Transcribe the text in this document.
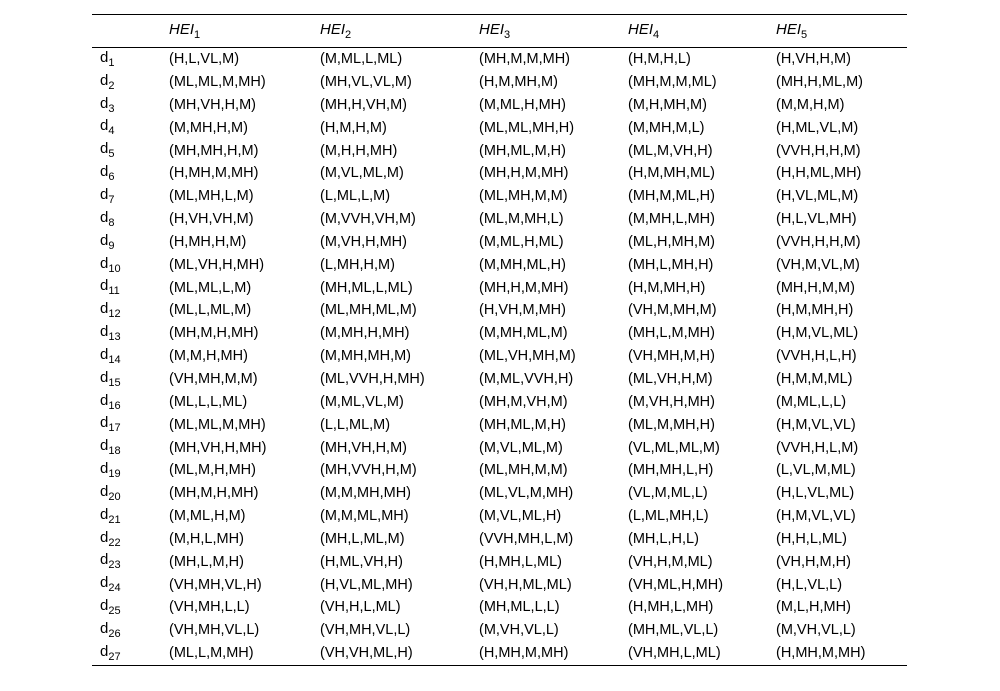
	$HEI_1$	$HEI_2$	$HEI_3$	$HEI_4$	$HEI_5$
$d_1$	(H,L,VL,M)	(M,ML,L,ML)	(MH,M,M,MH)	(H,M,H,L)	(H,VH,H,M)
$d_2$	(ML,ML,M,MH)	(MH,VL,VL,M)	(H,M,MH,M)	(MH,M,M,ML)	(MH,H,ML,M)
$d_3$	(MH,VH,H,M)	(MH,H,VH,M)	(M,ML,H,MH)	(M,H,MH,M)	(M,M,H,M)
$d_4$	(M,MH,H,M)	(H,M,H,M)	(ML,ML,MH,H)	(M,MH,M,L)	(H,ML,VL,M)
$d_5$	(MH,MH,H,M)	(M,H,H,MH)	(MH,ML,M,H)	(ML,M,VH,H)	(VVH,H,H,M)
$d_6$	(H,MH,M,MH)	(M,VL,ML,M)	(MH,H,M,MH)	(H,M,MH,ML)	(H,H,ML,MH)
$d_7$	(ML,MH,L,M)	(L,ML,L,M)	(ML,MH,M,M)	(MH,M,ML,H)	(H,VL,ML,M)
$d_8$	(H,VH,VH,M)	(M,VVH,VH,M)	(ML,M,MH,L)	(M,MH,L,MH)	(H,L,VL,MH)
$d_9$	(H,MH,H,M)	(M,VH,H,MH)	(M,ML,H,ML)	(ML,H,MH,M)	(VVH,H,H,M)
$d_{10}$	(ML,VH,H,MH)	(L,MH,H,M)	(M,MH,ML,H)	(MH,L,MH,H)	(VH,M,VL,M)
$d_{11}$	(ML,ML,L,M)	(MH,ML,L,ML)	(MH,H,M,MH)	(H,M,MH,H)	(MH,H,M,M)
$d_{12}$	(ML,L,ML,M)	(ML,MH,ML,M)	(H,VH,M,MH)	(VH,M,MH,M)	(H,M,MH,H)
$d_{13}$	(MH,M,H,MH)	(M,MH,H,MH)	(M,MH,ML,M)	(MH,L,M,MH)	(H,M,VL,ML)
$d_{14}$	(M,M,H,MH)	(M,MH,MH,M)	(ML,VH,MH,M)	(VH,MH,M,H)	(VVH,H,L,H)
$d_{15}$	(VH,MH,M,M)	(ML,VVH,H,MH)	(M,ML,VVH,H)	(ML,VH,H,M)	(H,M,M,ML)
$d_{16}$	(ML,L,L,ML)	(M,ML,VL,M)	(MH,M,VH,M)	(M,VH,H,MH)	(M,ML,L,L)
$d_{17}$	(ML,ML,M,MH)	(L,L,ML,M)	(MH,ML,M,H)	(ML,M,MH,H)	(H,M,VL,VL)
$d_{18}$	(MH,VH,H,MH)	(MH,VH,H,M)	(M,VL,ML,M)	(VL,ML,ML,M)	(VVH,H,L,M)
$d_{19}$	(ML,M,H,MH)	(MH,VVH,H,M)	(ML,MH,M,M)	(MH,MH,L,H)	(L,VL,M,ML)
$d_{20}$	(MH,M,H,MH)	(M,M,MH,MH)	(ML,VL,M,MH)	(VL,M,ML,L)	(H,L,VL,ML)
$d_{21}$	(M,ML,H,M)	(M,M,ML,MH)	(M,VL,ML,H)	(L,ML,MH,L)	(H,M,VL,VL)
$d_{22}$	(M,H,L,MH)	(MH,L,ML,M)	(VVH,MH,L,M)	(MH,L,H,L)	(H,H,L,ML)
$d_{23}$	(MH,L,M,H)	(H,ML,VH,H)	(H,MH,L,ML)	(VH,H,M,ML)	(VH,H,M,H)
$d_{24}$	(VH,MH,VL,H)	(H,VL,ML,MH)	(VH,H,ML,ML)	(VH,ML,H,MH)	(H,L,VL,L)
$d_{25}$	(VH,MH,L,L)	(VH,H,L,ML)	(MH,ML,L,L)	(H,MH,L,MH)	(M,L,H,MH)
$d_{26}$	(VH,MH,VL,L)	(VH,MH,VL,L)	(M,VH,VL,L)	(MH,ML,VL,L)	(M,VH,VL,L)
$d_{27}$	(ML,L,M,MH)	(VH,VH,ML,H)	(H,MH,M,MH)	(VH,MH,L,ML)	(H,MH,M,MH)
